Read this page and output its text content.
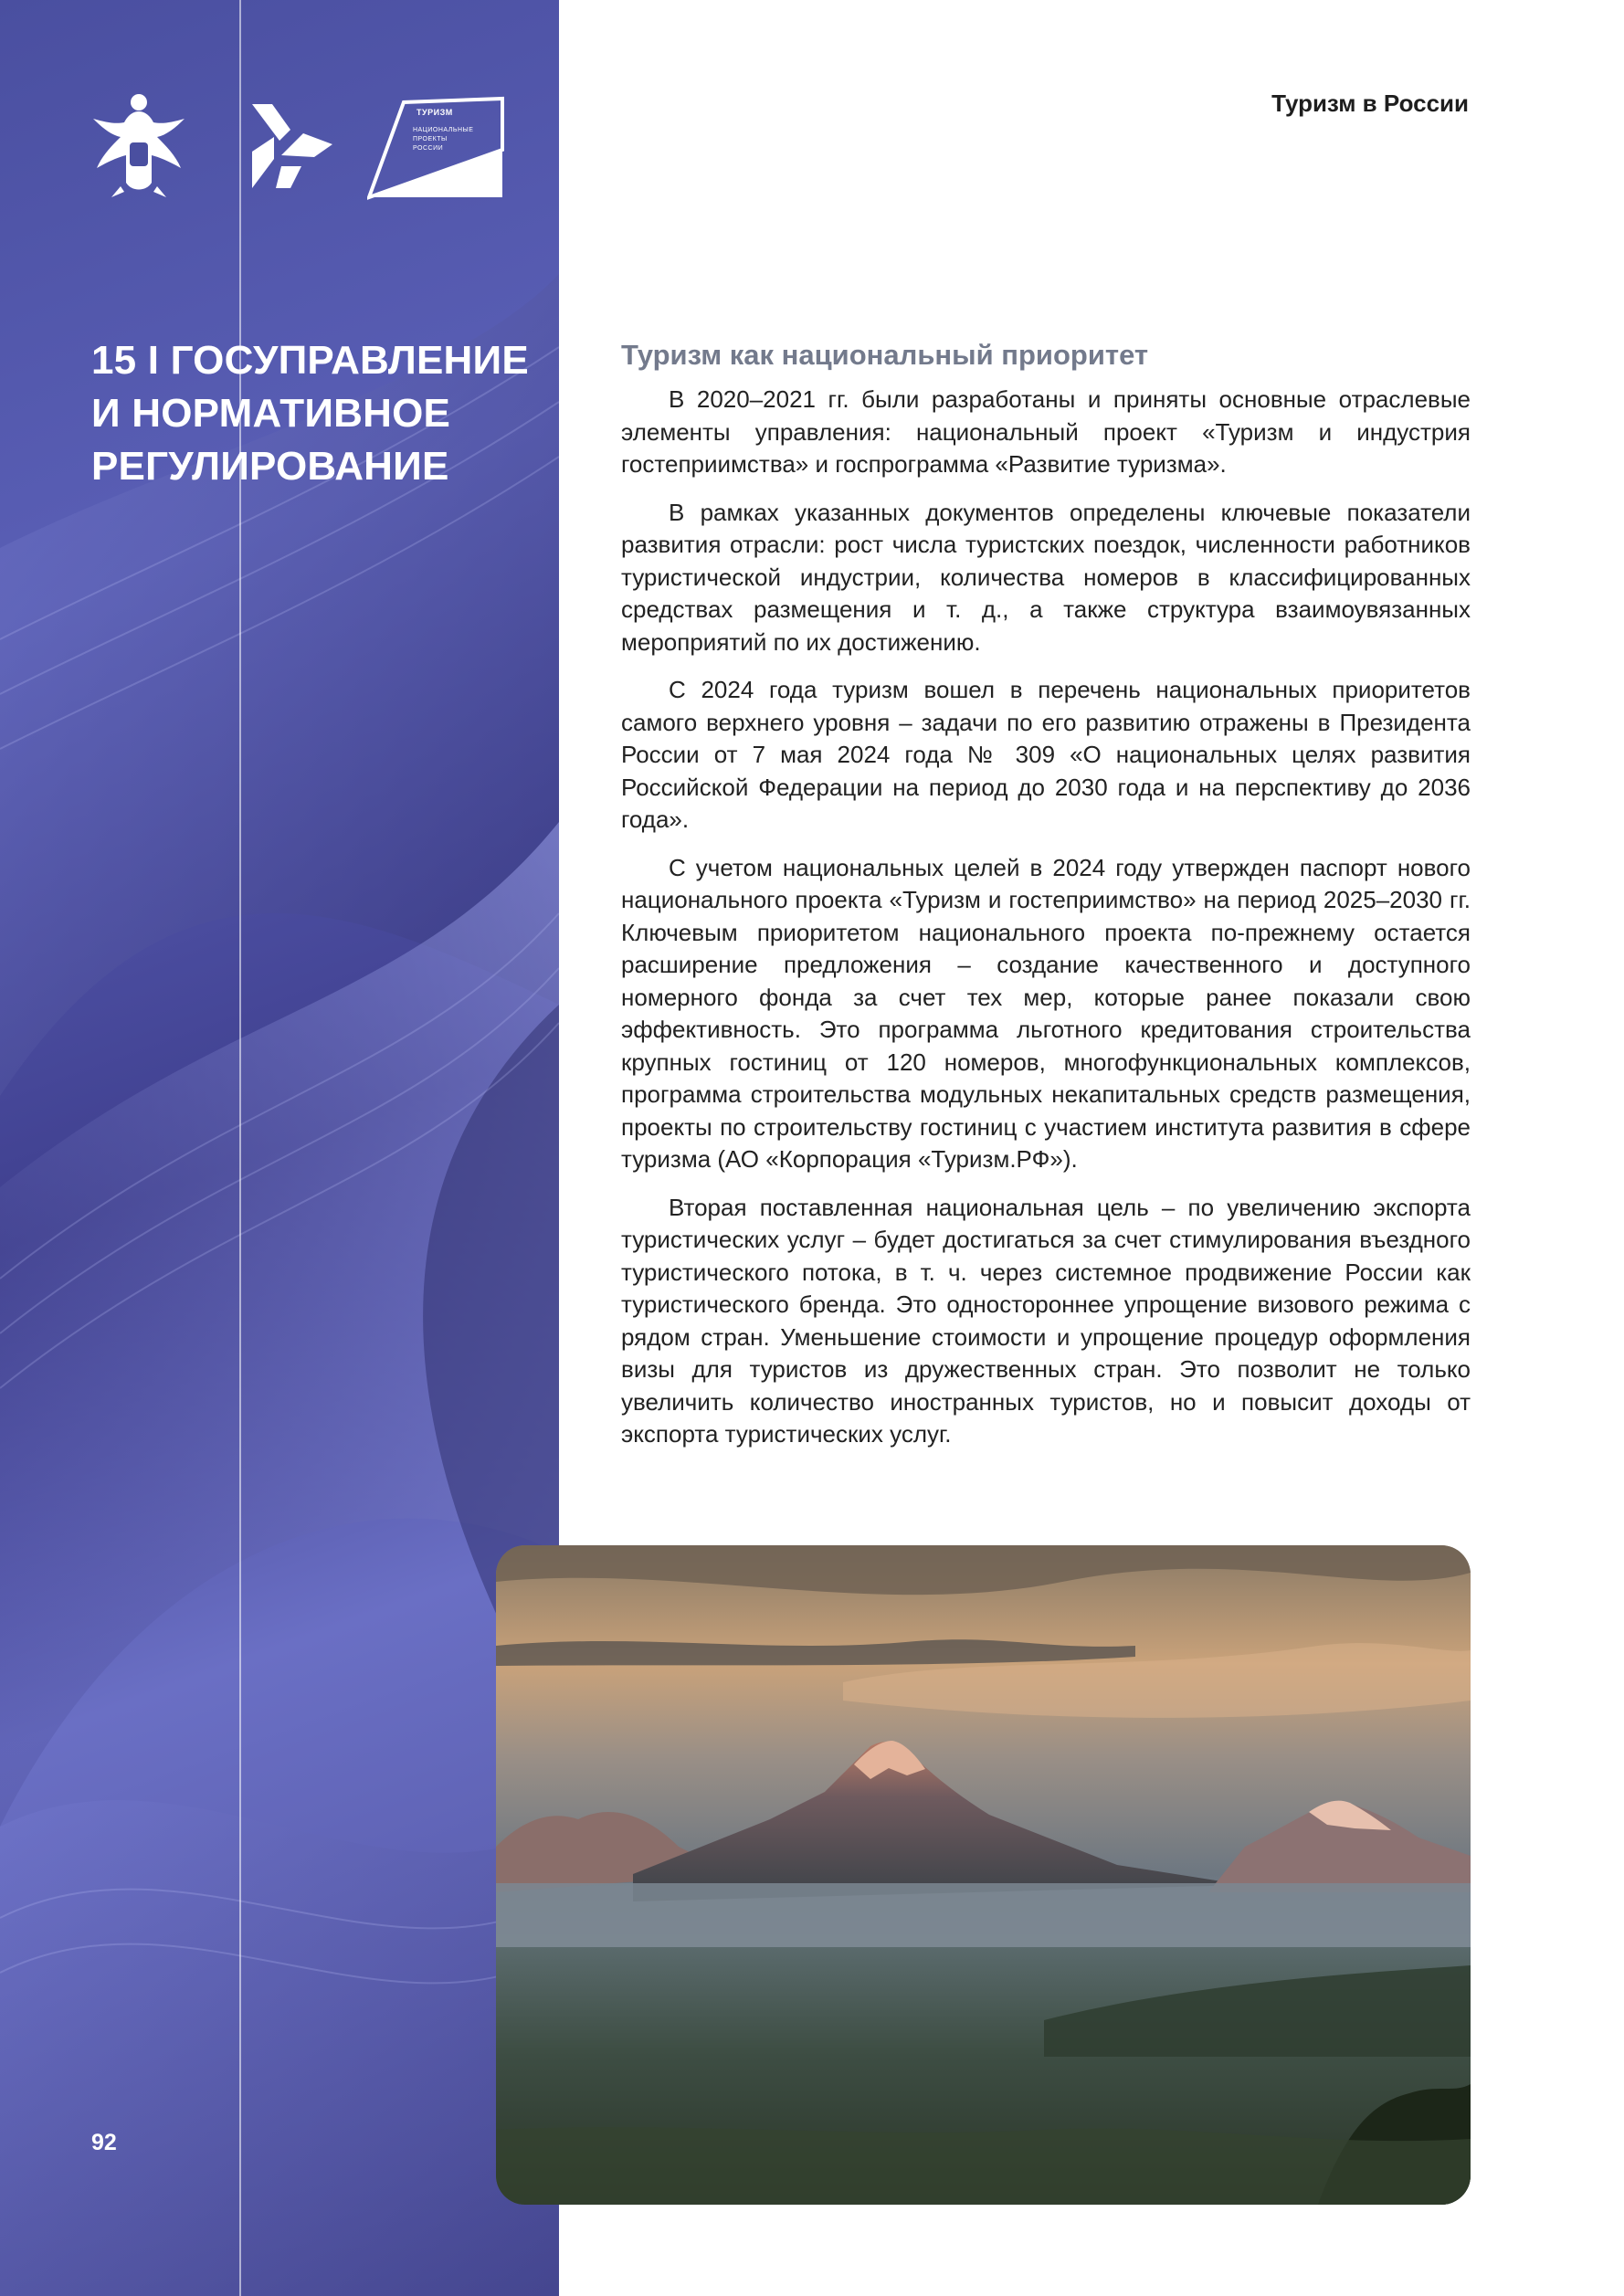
ТУРИЗМ
НАЦИОНАЛЬНЫЕ
ПРОЕКТЫ
РОССИИ
15 I ГОСУПРАВЛЕНИЕ
И НОРМАТИВНОЕ
РЕГУЛИРОВАНИЕ
92
Туризм в России
Туризм как национальный приоритет

В 2020–2021 гг. были разработаны и приняты основные отраслевые элементы управления: национальный проект «Туризм и индустрия гостеприимства» и госпрограмма «Развитие туризма».

В рамках указанных документов определены ключевые показатели развития отрасли: рост числа туристских поездок, численности работников туристической индустрии, количества номеров в классифицированных средствах размещения и т. д., а также структура взаимоувязанных мероприятий по их достижению.

С 2024 года туризм вошел в перечень национальных приоритетов самого верхнего уровня – задачи по его развитию отражены в Президента России от 7 мая 2024 года № 309 «О национальных целях развития Российской Федерации на период до 2030 года и на перспективу до 2036 года».

С учетом национальных целей в 2024 году утвержден паспорт нового национального проекта «Туризм и гостеприимство» на период 2025–2030 гг. Ключевым приоритетом национального проекта по-прежнему остается расширение предложения – создание качественного и доступного номерного фонда за счет тех мер, которые ранее показали свою эффективность. Это программа льготного кредитования строительства крупных гостиниц от 120 номеров, многофункциональных комплексов, программа строительства модульных некапитальных средств размещения, проекты по строительству гостиниц с участием института развития в сфере туризма (АО «Корпорация «Туризм.РФ»).

Вторая поставленная национальная цель – по увеличению экспорта туристических услуг – будет достигаться за счет стимулирования въездного туристического потока, в т. ч. через системное продвижение России как туристического бренда. Это одностороннее упрощение визового режима с рядом стран. Уменьшение стоимости и упрощение процедур оформления визы для туристов из дружественных стран. Это позволит не только увеличить количество иностранных туристов, но и повысит доходы от экспорта туристических услуг.
